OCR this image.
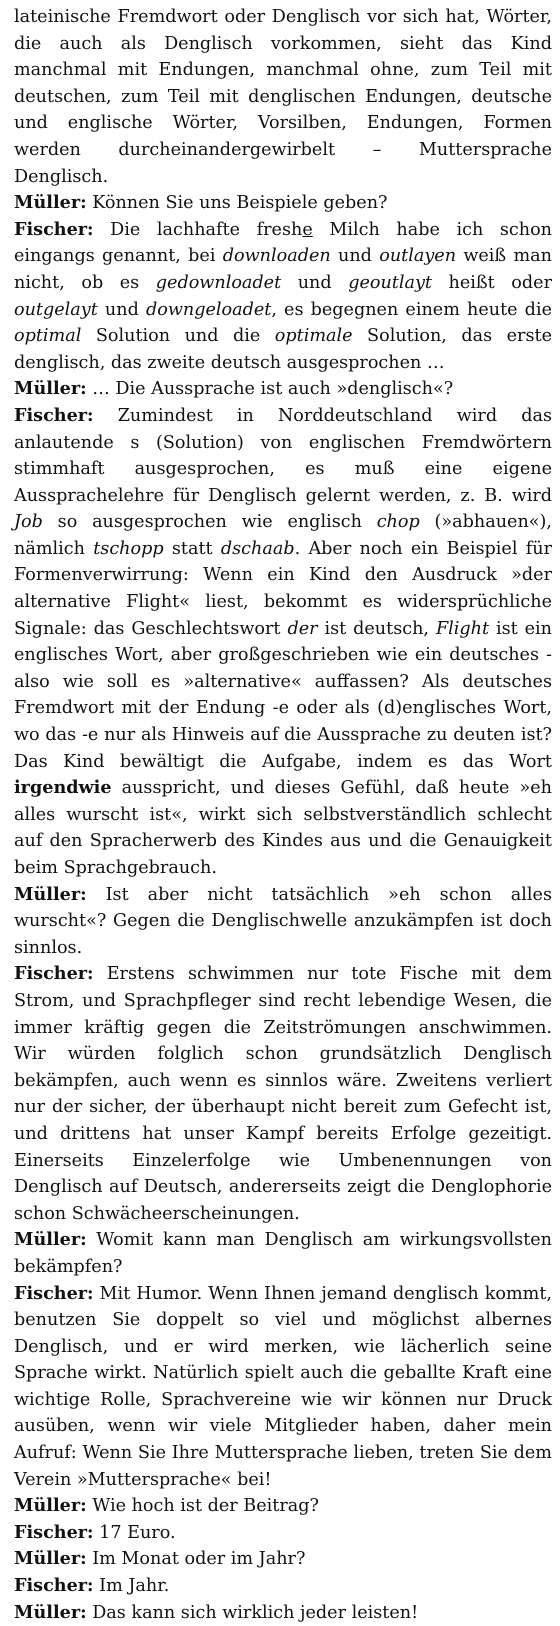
lateinische Fremdwort oder Denglisch vor sich hat, Wörter, die auch als Denglisch vorkommen, sieht das Kind manchmal mit Endungen, manchmal ohne, zum Teil mit deutschen, zum Teil mit denglischen Endungen, deutsche und englische Wörter, Vorsilben, Endungen, Formen werden durcheinandergewirbelt – Muttersprache Denglisch.

Müller: Können Sie uns Beispiele geben?

Fischer: Die lachhafte freshe Milch habe ich schon eingangs genannt, bei downloaden und outlayen weiß man nicht, ob es gedownloadet und geoutlayt heißt oder outgelayt und downgeloadet, es begegnen einem heute die optimal Solution und die optimale Solution, das erste denglisch, das zweite deutsch ausgesprochen …

Müller: … Die Aussprache ist auch »denglisch«?

Fischer: Zumindest in Norddeutschland wird das anlautende s (Solution) von englischen Fremdwörtern stimmhaft ausgesprochen, es muß eine eigene Aussprachelehre für Denglisch gelernt werden, z. B. wird Job so ausgesprochen wie englisch chop (»abhauen«), nämlich tschopp statt dschaab. Aber noch ein Beispiel für Formenverwirrung: Wenn ein Kind den Ausdruck »der alternative Flight« liest, bekommt es widersprüchliche Signale: das Geschlechtswort der ist deutsch, Flight ist ein englisches Wort, aber großgeschrieben wie ein deutsches - also wie soll es »alternative« auffassen? Als deutsches Fremdwort mit der Endung -e oder als (d)englisches Wort, wo das -e nur als Hinweis auf die Aussprache zu deuten ist? Das Kind bewältigt die Aufgabe, indem es das Wort irgendwie ausspricht, und dieses Gefühl, daß heute »eh alles wurscht ist«, wirkt sich selbstverständlich schlecht auf den Spracherwerb des Kindes aus und die Genauigkeit beim Sprachgebrauch.

Müller: Ist aber nicht tatsächlich »eh schon alles wurscht«? Gegen die Denglischwelle anzukämpfen ist doch sinnlos.

Fischer: Erstens schwimmen nur tote Fische mit dem Strom, und Sprachpfleger sind recht lebendige Wesen, die immer kräftig gegen die Zeitströmungen anschwimmen. Wir würden folglich schon grundsätzlich Denglisch bekämpfen, auch wenn es sinnlos wäre. Zweitens verliert nur der sicher, der überhaupt nicht bereit zum Gefecht ist, und drittens hat unser Kampf bereits Erfolge gezeitigt. Einerseits Einzelerfolge wie Umbenennungen von Denglisch auf Deutsch, andererseits zeigt die Denglophorie schon Schwächeerscheinungen.

Müller: Womit kann man Denglisch am wirkungsvollsten bekämpfen?

Fischer: Mit Humor. Wenn Ihnen jemand denglisch kommt, benutzen Sie doppelt so viel und möglichst albernes Denglisch, und er wird merken, wie lächerlich seine Sprache wirkt. Natürlich spielt auch die geballte Kraft eine wichtige Rolle, Sprachvereine wie wir können nur Druck ausüben, wenn wir viele Mitglieder haben, daher mein Aufruf: Wenn Sie Ihre Muttersprache lieben, treten Sie dem Verein »Muttersprache« bei!

Müller: Wie hoch ist der Beitrag?

Fischer: 17 Euro.

Müller: Im Monat oder im Jahr?

Fischer: Im Jahr.

Müller: Das kann sich wirklich jeder leisten!
